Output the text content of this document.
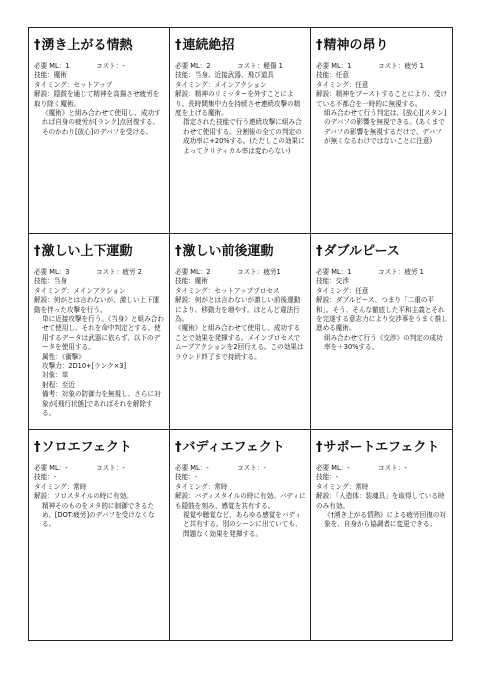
†湧き上がる情熱
必要 ML：1	コスト：-
技能：魔術
タイミング：セットアップ
解説：隠鼓を通じて精神を高揚させ疲労を取り除く魔術。
《魔術》と組み合わせて使用し、成功すれば自身の疲労が[ランク]点回復する。そのかわり[放心]のデバフを受ける。
†連続絶招
必要 ML：2	コスト：軽傷 1
技能：当身、近接武器、飛び道具
タイミング：メインアクション
解説：精神のリミッターを外すことにより、長時間集中力を持続させ連続攻撃の精度を上げる魔術。
指定された技能で行う連続攻撃に組み合わせて使用する。分割後の全ての判定の成功率に+20%する。(ただしこの効果によってクリティカル率は変わらない)
†精神の昂り
必要 ML：1	コスト：疲労 1
技能：任意
タイミング：任意
解説：精神をブーストすることにより、受けている不都合を一時的に無視する。
組み合わせて行う判定は、[放心][スタン]のデバフの影響を無視できる。(あくまでデバフの影響を無視するだけで、デバフが無くなるわけではないことに注意)
†激しい上下運動
必要 ML：3	コスト：疲労 2
技能：当身
タイミング：メインアクション
解説：何がとは言わないが、激しい上下運動を伴った攻撃を行う。
単に近接攻撃を行う。《当身》と組み合わせて使用し、それを命中判定とする。使用するデータは武器に依らず、以下のデータを使用する。
属性：《衝撃》
攻撃力：2D10+[ランク×3]
対象：単
射程：至近
備考：対象の防御力を無視し、さらに対象が[飛行状態]であればそれを解除する。
†激しい前後運動
必要 ML：2	コスト：疲労1
技能：魔術
タイミング：セットアッププロセス
解説：何がとは言わないが激しい前後運動により、移動力を増やす。ほとんど違法行為。
《魔術》と組み合わせて使用し、成功することで効果を発揮する。メインプロセスでムーブアクションを2回行える。この効果はラウンド終了まで持続する。
†ダブルピース
必要 ML：1	コスト：疲労 1
技能：交渉
タイミング：任意
解説：ダブルピース、つまり「二重の平和」。そう、そんな徹底した平和主義とそれを完遂する意志力により交渉事をうまく推し進める魔術。
組み合わせて行う《交渉》の判定の成功率を＋30%する。
†ソロエフェクト
必要 ML：-	コスト：-
技能：-
タイミング：常時
解説：ソロスタイルの時に有効。
精神そのものをメタ的に制御できるため、[DOT:疲労]のデバフを受けなくなる。
†バディエフェクト
必要 ML：-	コスト：-
技能：-
タイミング：常時
解説：バディスタイルの時に有効。バディにも隠鼓を刻み、感覚を共有する。
視覚や聴覚など、あらゆる感覚をバディと共有する。別のシーンに出ていても、問題なく効果を発揮する。
†サポートエフェクト
必要 ML：-	コスト：-
技能：-
タイミング：常時
解説：「人造体：装魂具」を取得している時のみ有効。
《†湧き上がる情熱》による疲労回復の対象を、自身から協調者に変更できる。
